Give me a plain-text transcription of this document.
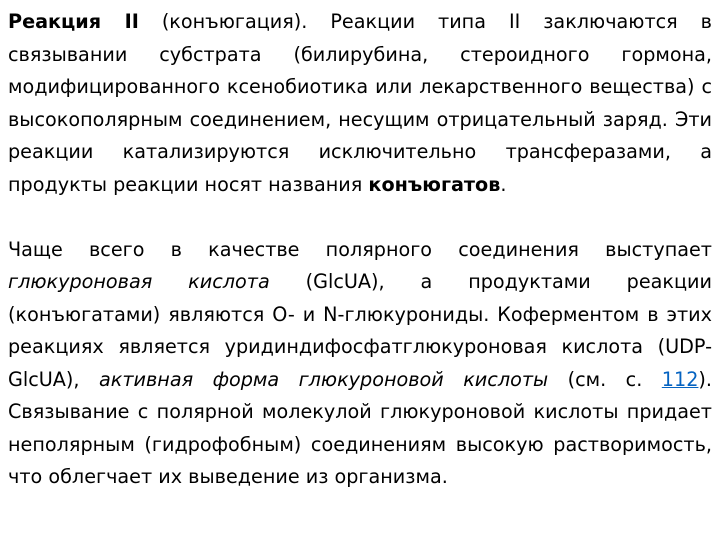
Реакция II (конъюгация). Реакции типа II заключаются в связывании субстрата (билирубина, стероидного гормона, модифицированного ксенобиотика или лекарственного вещества) с высокополярным соединением, несущим отрицательный заряд. Эти реакции катализируются исключительно трансферазами, а продукты реакции носят названия конъюгатов.

Чаще всего в качестве полярного соединения выступает глюкуроновая кислота (GlcUA), а продуктами реакции (конъюгатами) являются O- и N-глюкурониды. Коферментом в этих реакциях является уридиндифосфатглюкуроновая кислота (UDP-GlcUA), активная форма глюкуроновой кислоты (см. с. 112). Связывание с полярной молекулой глюкуроновой кислоты придает неполярным (гидрофобным) соединениям высокую растворимость, что облегчает их выведение из организма.
